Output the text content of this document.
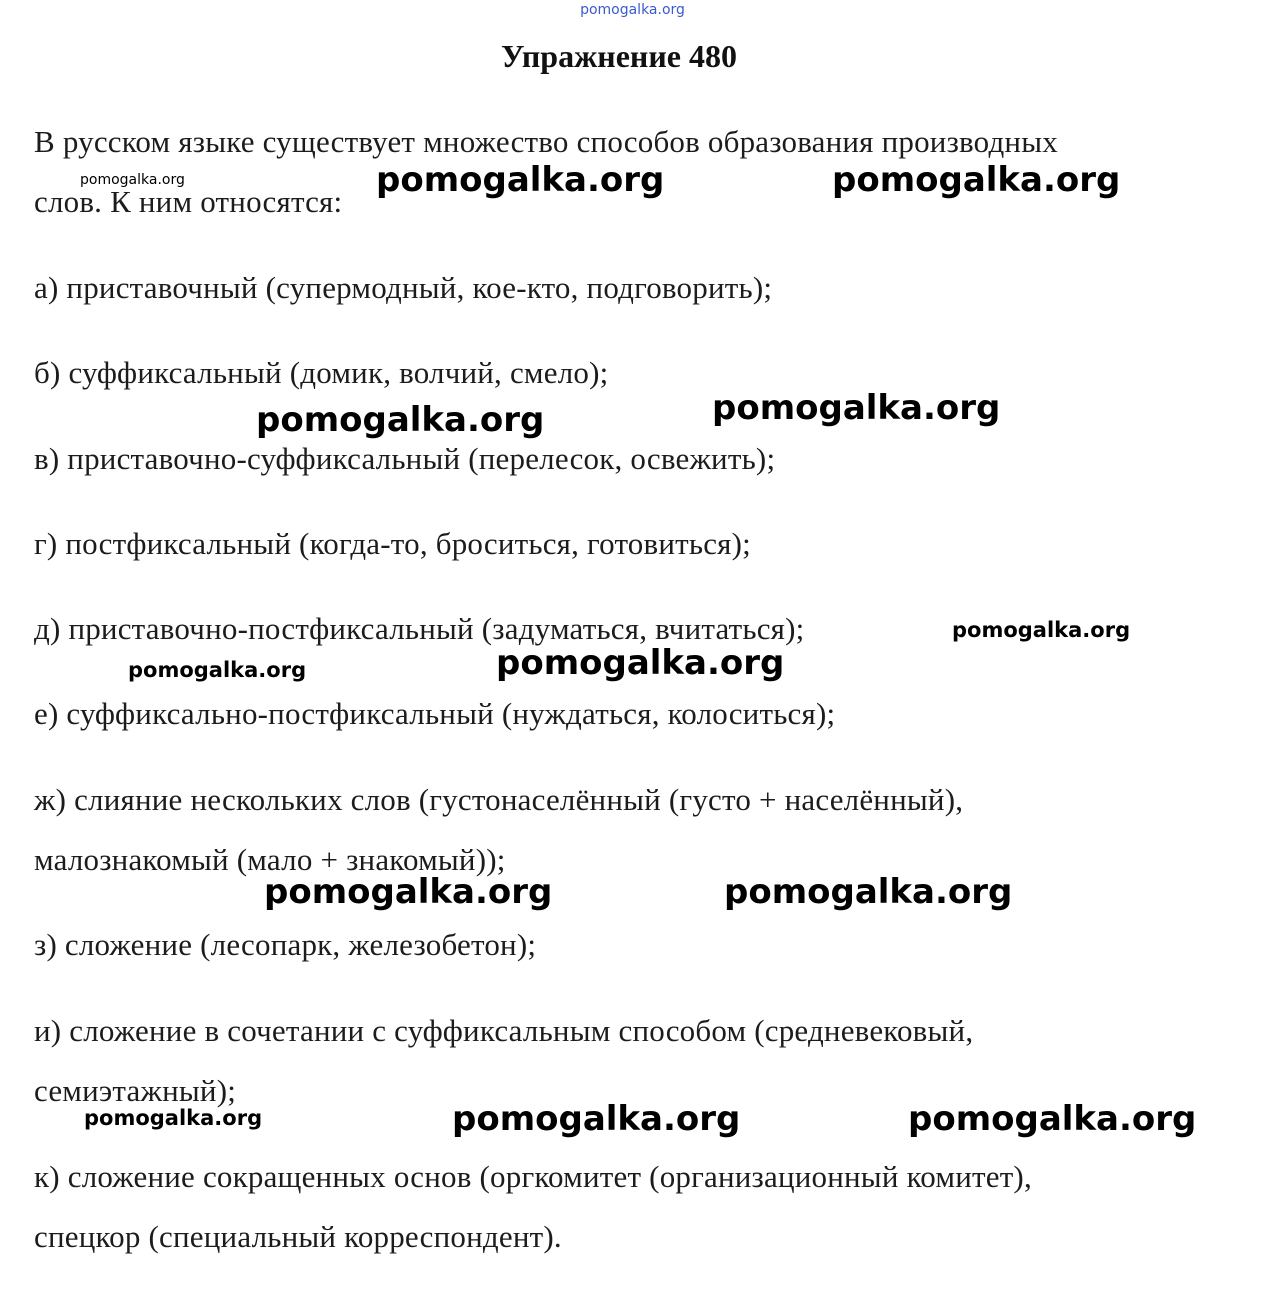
pomogalka.org
Упражнение 480
В русском языке существует множество способов образования производных
слов. К ним относятся:
а) приставочный (супермодный, кое-кто, подговорить);
б) суффиксальный (домик, волчий, смело);
в) приставочно-суффиксальный (перелесок, освежить);
г) постфиксальный (когда-то, броситься, готовиться);
д) приставочно-постфиксальный (задуматься, вчитаться);
е) суффиксально-постфиксальный (нуждаться, колоситься);
ж) слияние нескольких слов (густонаселённый (густо + населённый),
малознакомый (мало + знакомый));
з) сложение (лесопарк, железобетон);
и) сложение в сочетании с суффиксальным способом (средневековый,
семиэтажный);
к) сложение сокращенных основ (оргкомитет (организационный комитет),
спецкор (специальный корреспондент).
pomogalka.org	pomogalka.org	pomogalka.org
pomogalka.org	pomogalka.org
pomogalka.org
pomogalka.org	pomogalka.org
pomogalka.org	pomogalka.org
pomogalka.org	pomogalka.org	pomogalka.org
